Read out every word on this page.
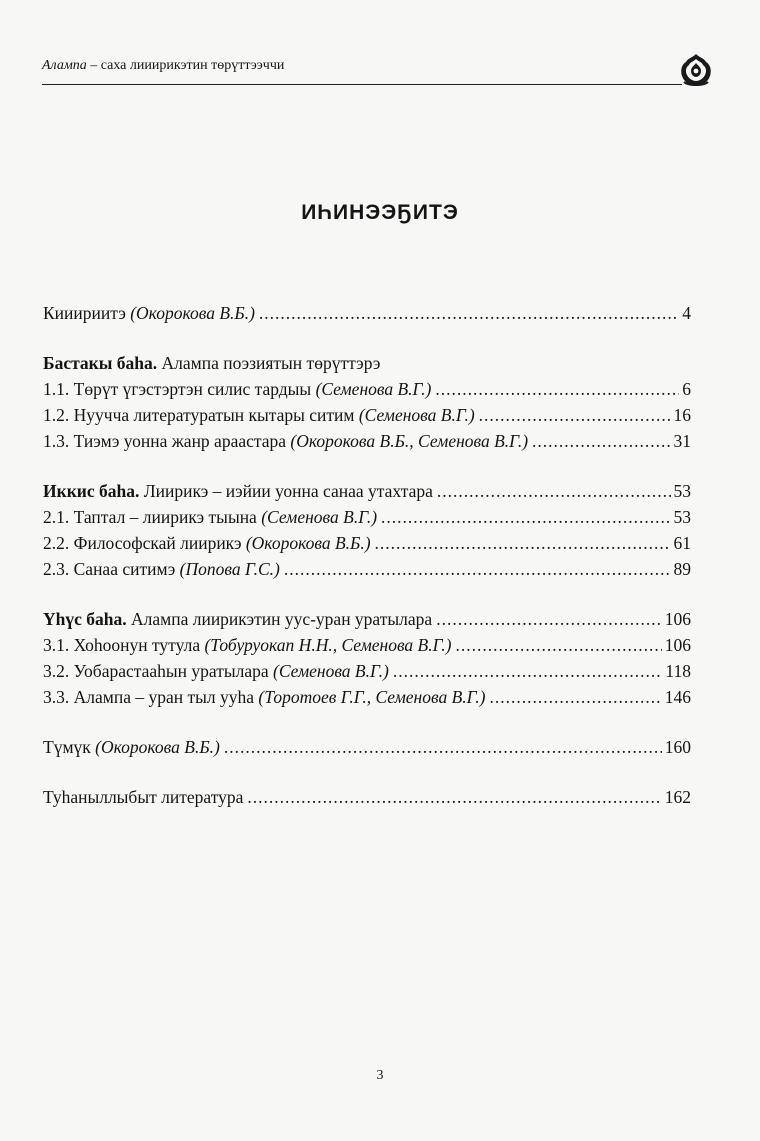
Алампа – саха лииирикэтин төрүттээччи
ИҺИНЭЭҔИТЭ
Кииириитэ (Окорокова В.Б.) .....	4
Бастакы баһа. Алампа поэзиятын төрүттэрэ
1.1. Төрүт үгэстэртэн силис тардыы (Семенова В.Г.) .....	6
1.2. Нуучча литературатын кытары ситим (Семенова В.Г.) .....	16
1.3. Тиэмэ уонна жанр араастара (Окорокова В.Б., Семенова В.Г.) .....	31
Иккис баһа. Лиирикэ – иэйии уонна санаа утахтара .....	53
2.1. Таптал – лиирикэ тыына (Семенова В.Г.) .....	53
2.2. Философскай лиирикэ (Окорокова В.Б.) .....	61
2.3. Санаа ситимэ (Попова Г.С.) .....	89
Үһүс баһа. Алампа лиирикэтин уус-уран уратылара .....	106
3.1. Хоһоонун тутула (Тобуруокап Н.Н., Семенова В.Г.) .....	106
3.2. Уобарастааһын уратылара (Семенова В.Г.) .....	118
3.3. Алампа – уран тыл ууһа (Торотоев Г.Г., Семенова В.Г.) .....	146
Түмүк (Окорокова В.Б.) .....	160
Туһаныллыбыт литература .....	162
3
